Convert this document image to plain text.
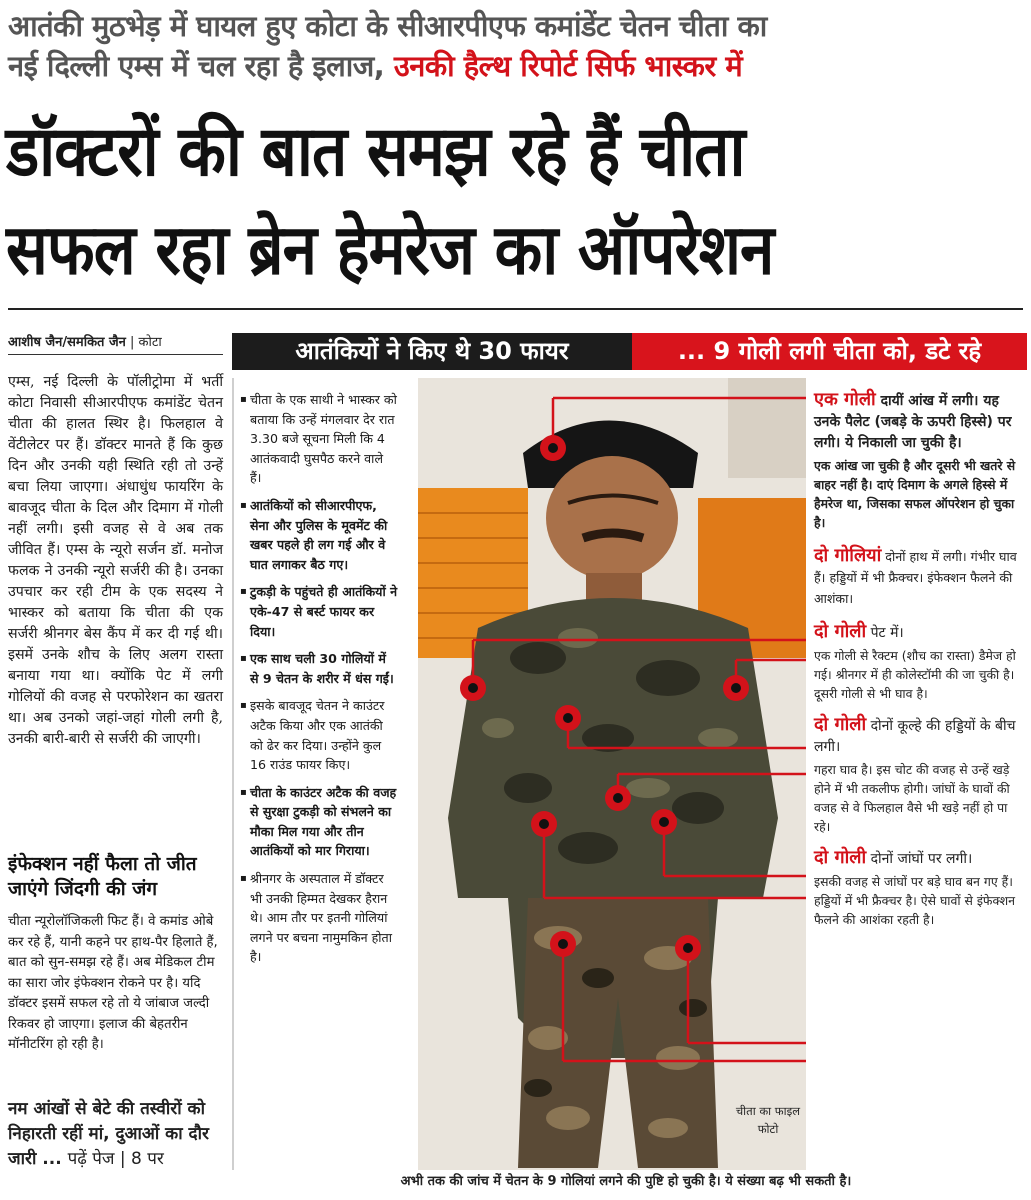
आतंकी मुठभेड़ में घायल हुए कोटा के सीआरपीएफ कमांडेंट चेतन चीता का
नई दिल्ली एम्स में चल रहा है इलाज, उनकी हैल्थ रिपोर्ट सिर्फ भास्कर में
डॉक्टरों की बात समझ रहे हैं चीता
सफल रहा ब्रेन हेमरेज का ऑपरेशन
आशीष जैन/समकित जैन | कोटा
एम्स, नई दिल्ली के पॉलीट्रोमा में भर्ती कोटा निवासी सीआरपीएफ कमांडेंट चेतन चीता की हालत स्थिर है। फिलहाल वे वेंटीलेटर पर हैं। डॉक्टर मानते हैं कि कुछ दिन और उनकी यही स्थिति रही तो उन्हें बचा लिया जाएगा। अंधाधुंध फायरिंग के बावजूद चीता के दिल और दिमाग में गोली नहीं लगी। इसी वजह से वे अब तक जीवित हैं। एम्स के न्यूरो सर्जन डॉ. मनोज फलक ने उनकी न्यूरो सर्जरी की है। उनका उपचार कर रही टीम के एक सदस्य ने भास्कर को बताया कि चीता की एक सर्जरी श्रीनगर बेस कैंप में कर दी गई थी। इसमें उनके शौच के लिए अलग रास्ता बनाया गया था। क्योंकि पेट में लगी गोलियों की वजह से परफोरेशन का खतरा था। अब उनको जहां-जहां गोली लगी है, उनकी बारी-बारी से सर्जरी की जाएगी।
इंफेक्शन नहीं फैला तो जीत जाएंगे जिंदगी की जंग
चीता न्यूरोलॉजिकली फिट हैं। वे कमांड ओबे कर रहे हैं, यानी कहने पर हाथ-पैर हिलाते हैं, बात को सुन-समझ रहे हैं। अब मेडिकल टीम का सारा जोर इंफेक्शन रोकने पर है। यदि डॉक्टर इसमें सफल रहे तो ये जांबाज जल्दी रिकवर हो जाएगा। इलाज की बेहतरीन मॉनीटरिंग हो रही है।
नम आंखों से बेटे की तस्वीरों को निहारती रहीं मां, दुआओं का दौर जारी ... पढ़ें पेज | 8 पर
आतंकियों ने किए थे 30 फायर	... 9 गोली लगी चीता को, डटे रहे
▪ चीता के एक साथी ने भास्कर को बताया कि उन्हें मंगलवार देर रात 3.30 बजे सूचना मिली कि 4 आतंकवादी घुसपैठ करने वाले हैं।
▪ आतंकियों को सीआरपीएफ, सेना और पुलिस के मूवमेंट की खबर पहले ही लग गई और वे घात लगाकर बैठ गए।
▪ टुकड़ी के पहुंचते ही आतंकियों ने एके-47 से बर्स्ट फायर कर दिया।
▪ एक साथ चली 30 गोलियों में से 9 चेतन के शरीर में धंस गईं।
▪ इसके बावजूद चेतन ने काउंटर अटैक किया और एक आतंकी को ढेर कर दिया। उन्होंने कुल 16 राउंड फायर किए।
▪ चीता के काउंटर अटैक की वजह से सुरक्षा टुकड़ी को संभलने का मौका मिल गया और तीन आतंकियों को मार गिराया।
▪ श्रीनगर के अस्पताल में डॉक्टर भी उनकी हिम्मत देखकर हैरान थे। आम तौर पर इतनी गोलियां लगने पर बचना नामुमकिन होता है।
चीता का फाइल फोटो
एक गोली दायीं आंख में लगी। यह उनके पैलेट (जबड़े के ऊपरी हिस्से) पर लगी। ये निकाली जा चुकी है।
एक आंख जा चुकी है और दूसरी भी खतरे से बाहर नहीं है। दाएं दिमाग के अगले हिस्से में हैमरेज था, जिसका सफल ऑपरेशन हो चुका है।
दो गोलियां दोनों हाथ में लगी। गंभीर घाव हैं। हड्डियों में भी फ्रैक्चर। इंफेक्शन फैलने की आशंका।
दो गोली पेट में।
एक गोली से रैक्टम (शौच का रास्ता) डैमेज हो गई। श्रीनगर में ही कोलेस्टॉमी की जा चुकी है। दूसरी गोली से भी घाव है।
दो गोली दोनों कूल्हे की हड्डियों के बीच लगी।
गहरा घाव है। इस चोट की वजह से उन्हें खड़े होने में भी तकलीफ होगी। जांघों के घावों की वजह से वे फिलहाल वैसे भी खड़े नहीं हो पा रहे।
दो गोली दोनों जांघों पर लगी।
इसकी वजह से जांघों पर बड़े घाव बन गए हैं। हड्डियों में भी फ्रैक्चर है। ऐसे घावों से इंफेक्शन फैलने की आशंका रहती है।
अभी तक की जांच में चेतन के 9 गोलियां लगने की पुष्टि हो चुकी है। ये संख्या बढ़ भी सकती है।
